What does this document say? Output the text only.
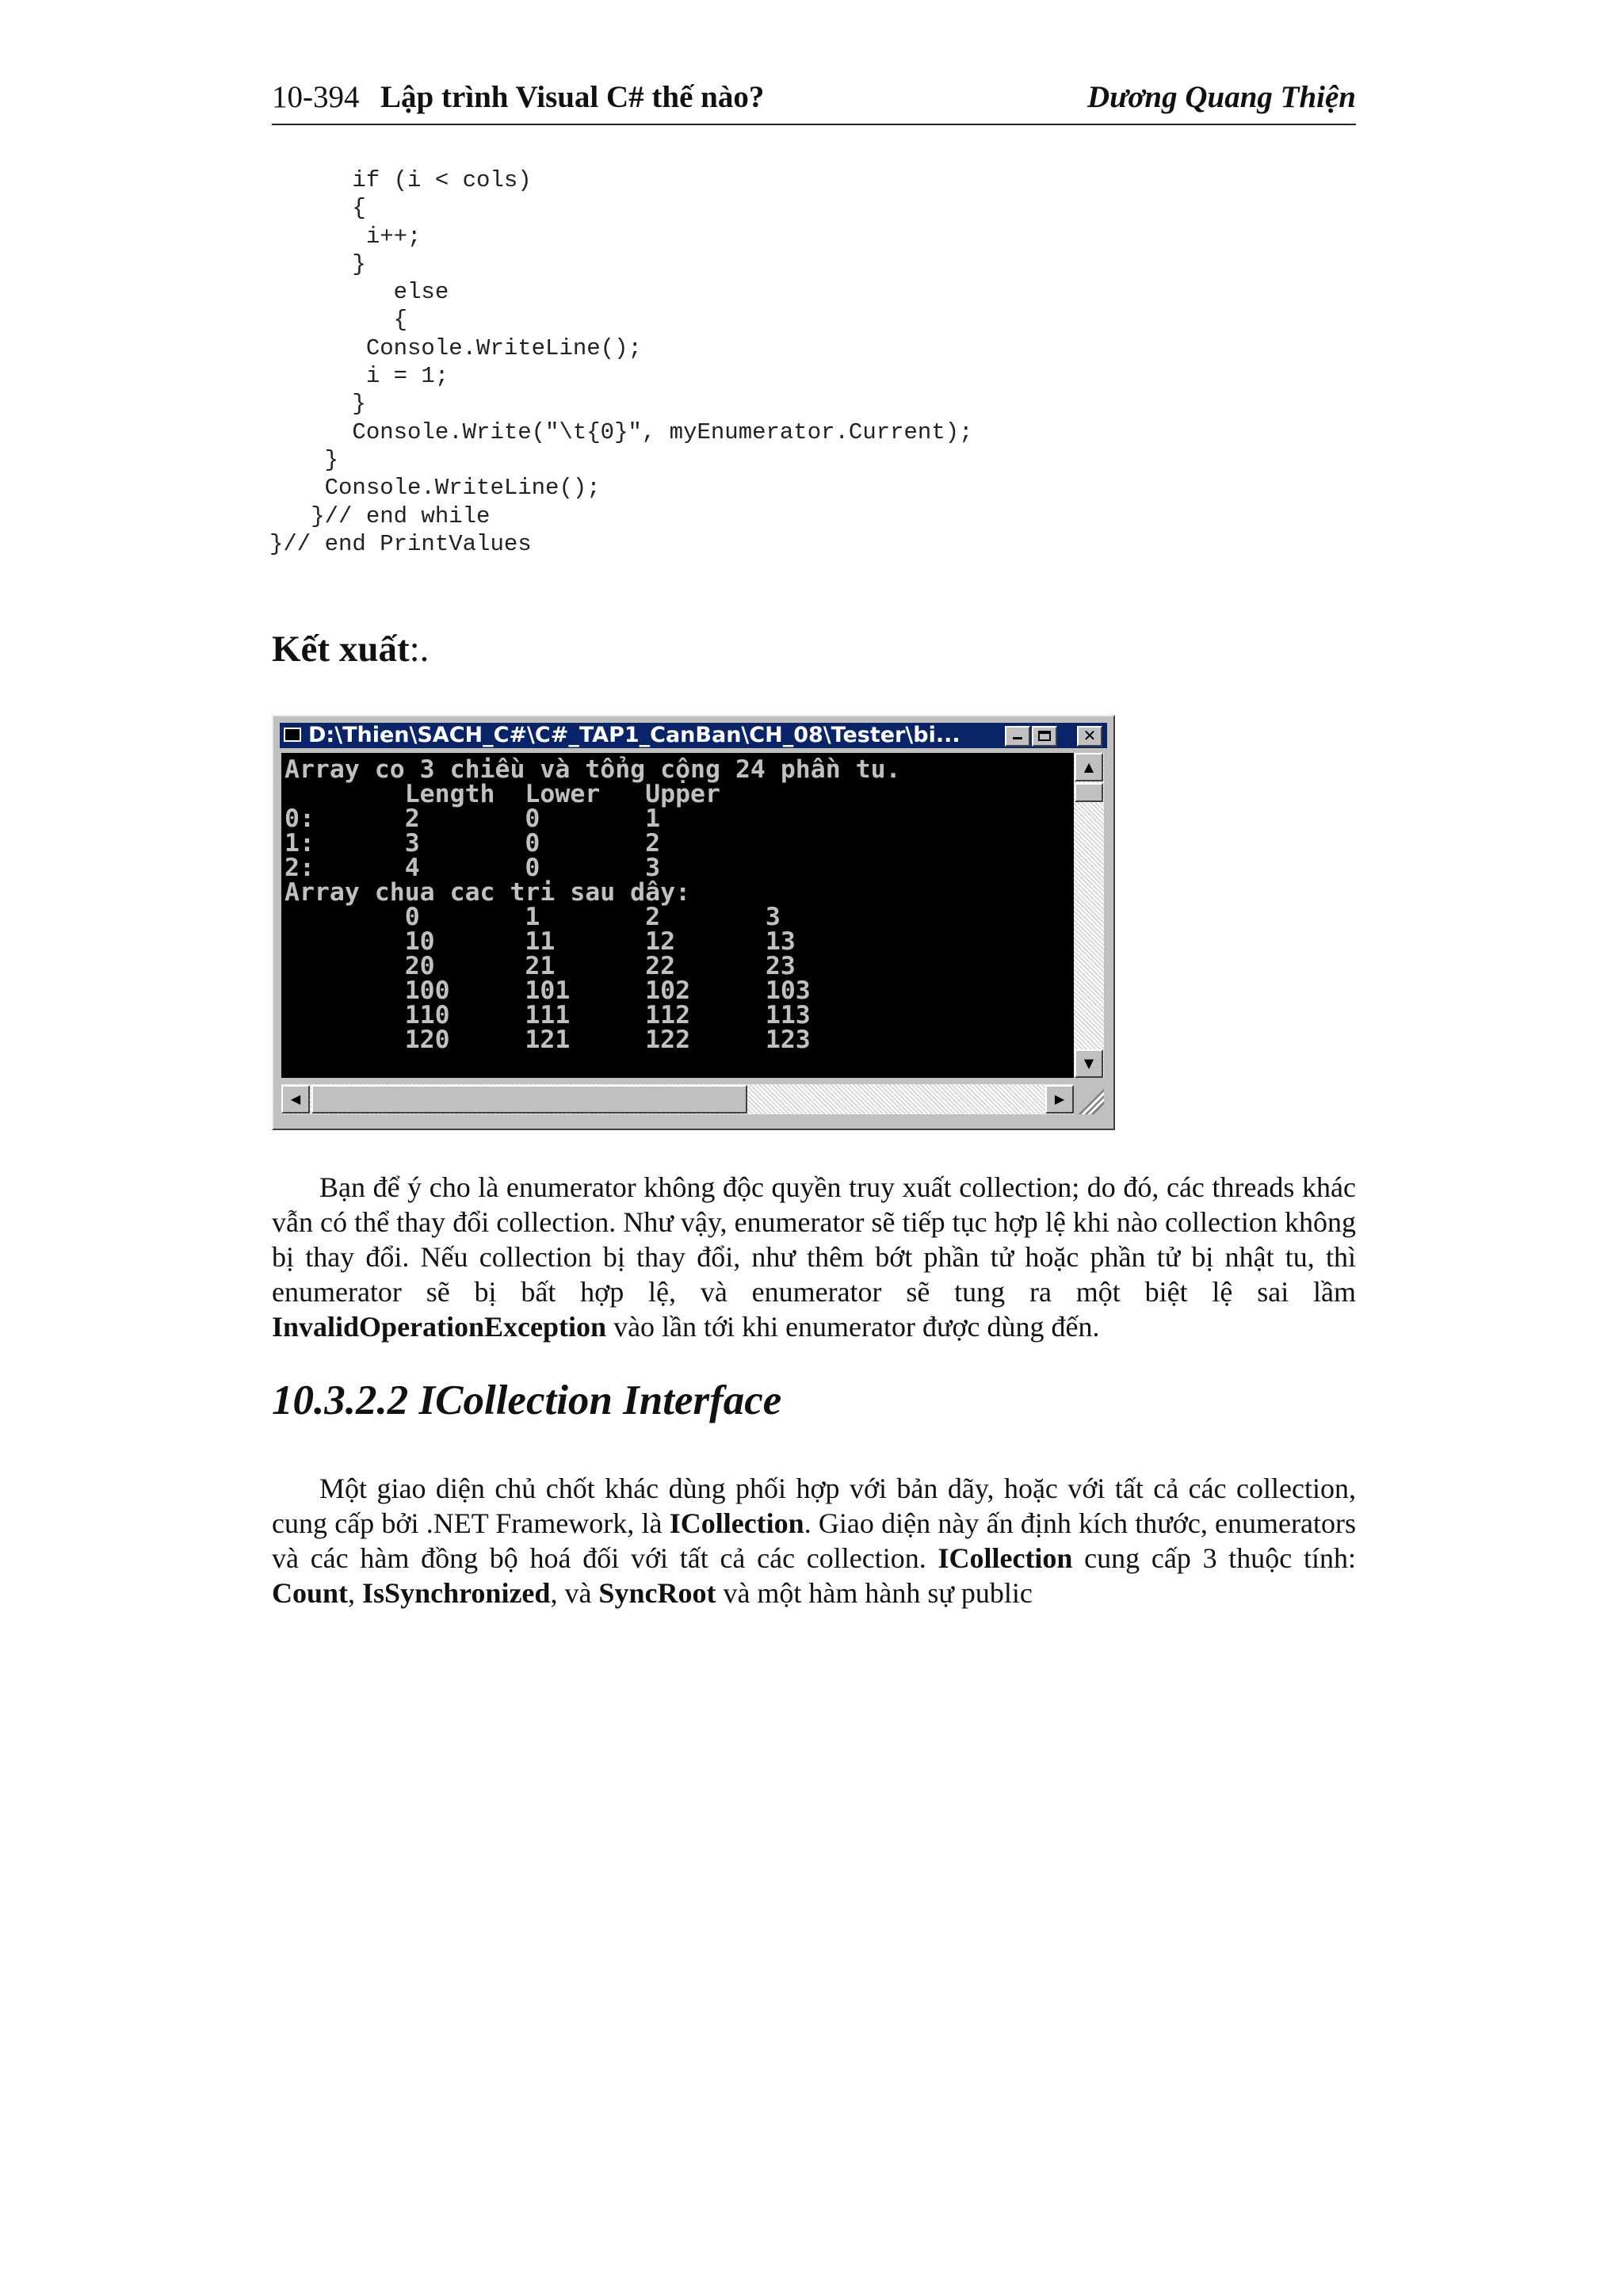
10-394 Lập trình Visual C# thế nào?	Dương Quang Thiện
if (i < cols)
{
i++;
}
else
{
Console.WriteLine();
i = 1;
}
Console.Write("\t{0}", myEnumerator.Current);
}
Console.WriteLine();
}// end while
}// end PrintValues
Kết xuất:.
D:\Thien\SACH_C#\C#_TAP1_CanBan\CH_08\Tester\bi...	✕
Array co 3 chiều và tổng cộng 24 phần tu.
Length  Lower   Upper
0:      2       0       1
1:      3       0       2
2:      4       0       3
Array chua cac tri sau dây:
0       1       2       3
10      11      12      13
20      21      22      23
100     101     102     103
110     111     112     113
120     121     122     123
▲
▼
◀	▶

Bạn để ý cho là enumerator không độc quyền truy xuất collection; do đó, các threads khác vẫn có thể thay đổi collection. Như vậy, enumerator sẽ tiếp tục hợp lệ khi nào collection không bị thay đổi. Nếu collection bị thay đổi, như thêm bớt phần tử hoặc phần tử bị nhật tu, thì enumerator sẽ bị bất hợp lệ, và enumerator sẽ tung ra một biệt lệ sai lầm InvalidOperationException vào lần tới khi enumerator được dùng đến.

10.3.2.2 ICollection Interface

Một giao diện chủ chốt khác dùng phối hợp với bản dãy, hoặc với tất cả các collection, cung cấp bởi .NET Framework, là ICollection. Giao diện này ấn định kích thước, enumerators và các hàm đồng bộ hoá đối với tất cả các collection. ICollection cung cấp 3 thuộc tính: Count, IsSynchronized, và SyncRoot và một hàm hành sự public
